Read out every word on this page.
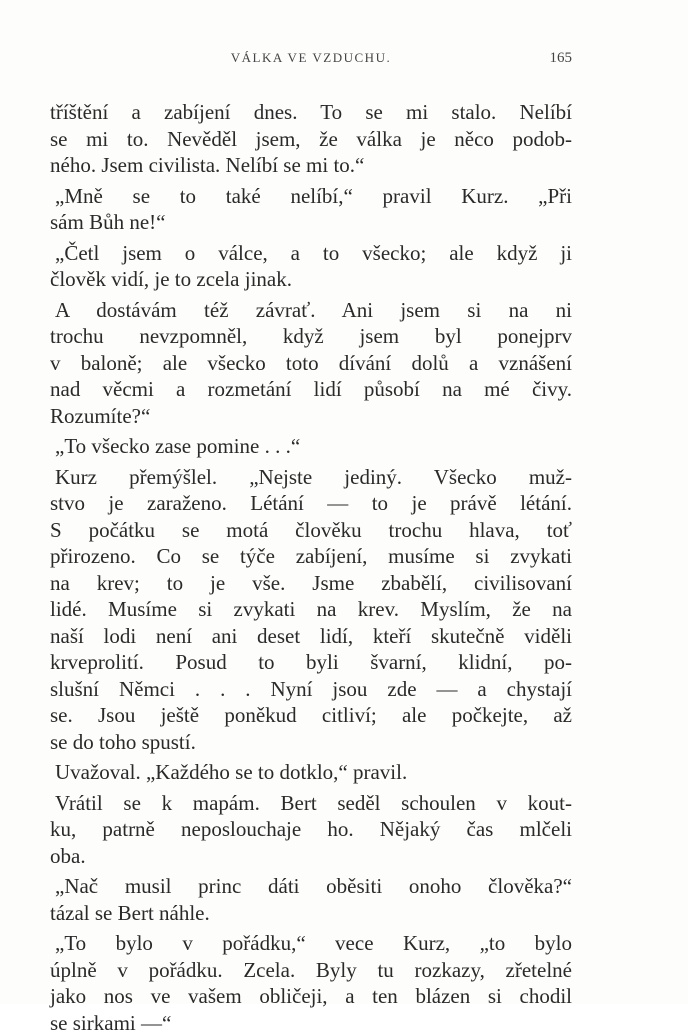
VÁLKA VE VZDUCHU.	165
tříštění a zabíjení dnes. To se mi stalo. Nelíbí
se mi to. Nevěděl jsem, že válka je něco podob-
ného. Jsem civilista. Nelíbí se mi to.“
„Mně se to také nelíbí,“ pravil Kurz. „Při
sám Bůh ne!“
„Četl jsem o válce, a to všecko; ale když ji
člověk vidí, je to zcela jinak.
A dostávám též závrať. Ani jsem si na ni
trochu nevzpomněl, když jsem byl ponejprv
v baloně; ale všecko toto dívání dolů a vznášení
nad věcmi a rozmetání lidí působí na mé čivy.
Rozumíte?“
„To všecko zase pomine . . .“
Kurz přemýšlel. „Nejste jediný. Všecko muž-
stvo je zaraženo. Létání — to je právě létání.
S počátku se motá člověku trochu hlava, toť
přirozeno. Co se týče zabíjení, musíme si zvykati
na krev; to je vše. Jsme zbabělí, civilisovaní
lidé. Musíme si zvykati na krev. Myslím, že na
naší lodi není ani deset lidí, kteří skutečně viděli
krveprolití. Posud to byli švarní, klidní, po-
slušní Němci . . . Nyní jsou zde — a chystají
se. Jsou ještě poněkud citliví; ale počkejte, až
se do toho spustí.
Uvažoval. „Každého se to dotklo,“ pravil.
Vrátil se k mapám. Bert seděl schoulen v kout-
ku, patrně neposlouchaje ho. Nějaký čas mlčeli
oba.
„Nač musil princ dáti oběsiti onoho člověka?“
tázal se Bert náhle.
„To bylo v pořádku,“ vece Kurz, „to bylo
úplně v pořádku. Zcela. Byly tu rozkazy, zřetelné
jako nos ve vašem obličeji, a ten blázen si chodil
se sirkami —“
